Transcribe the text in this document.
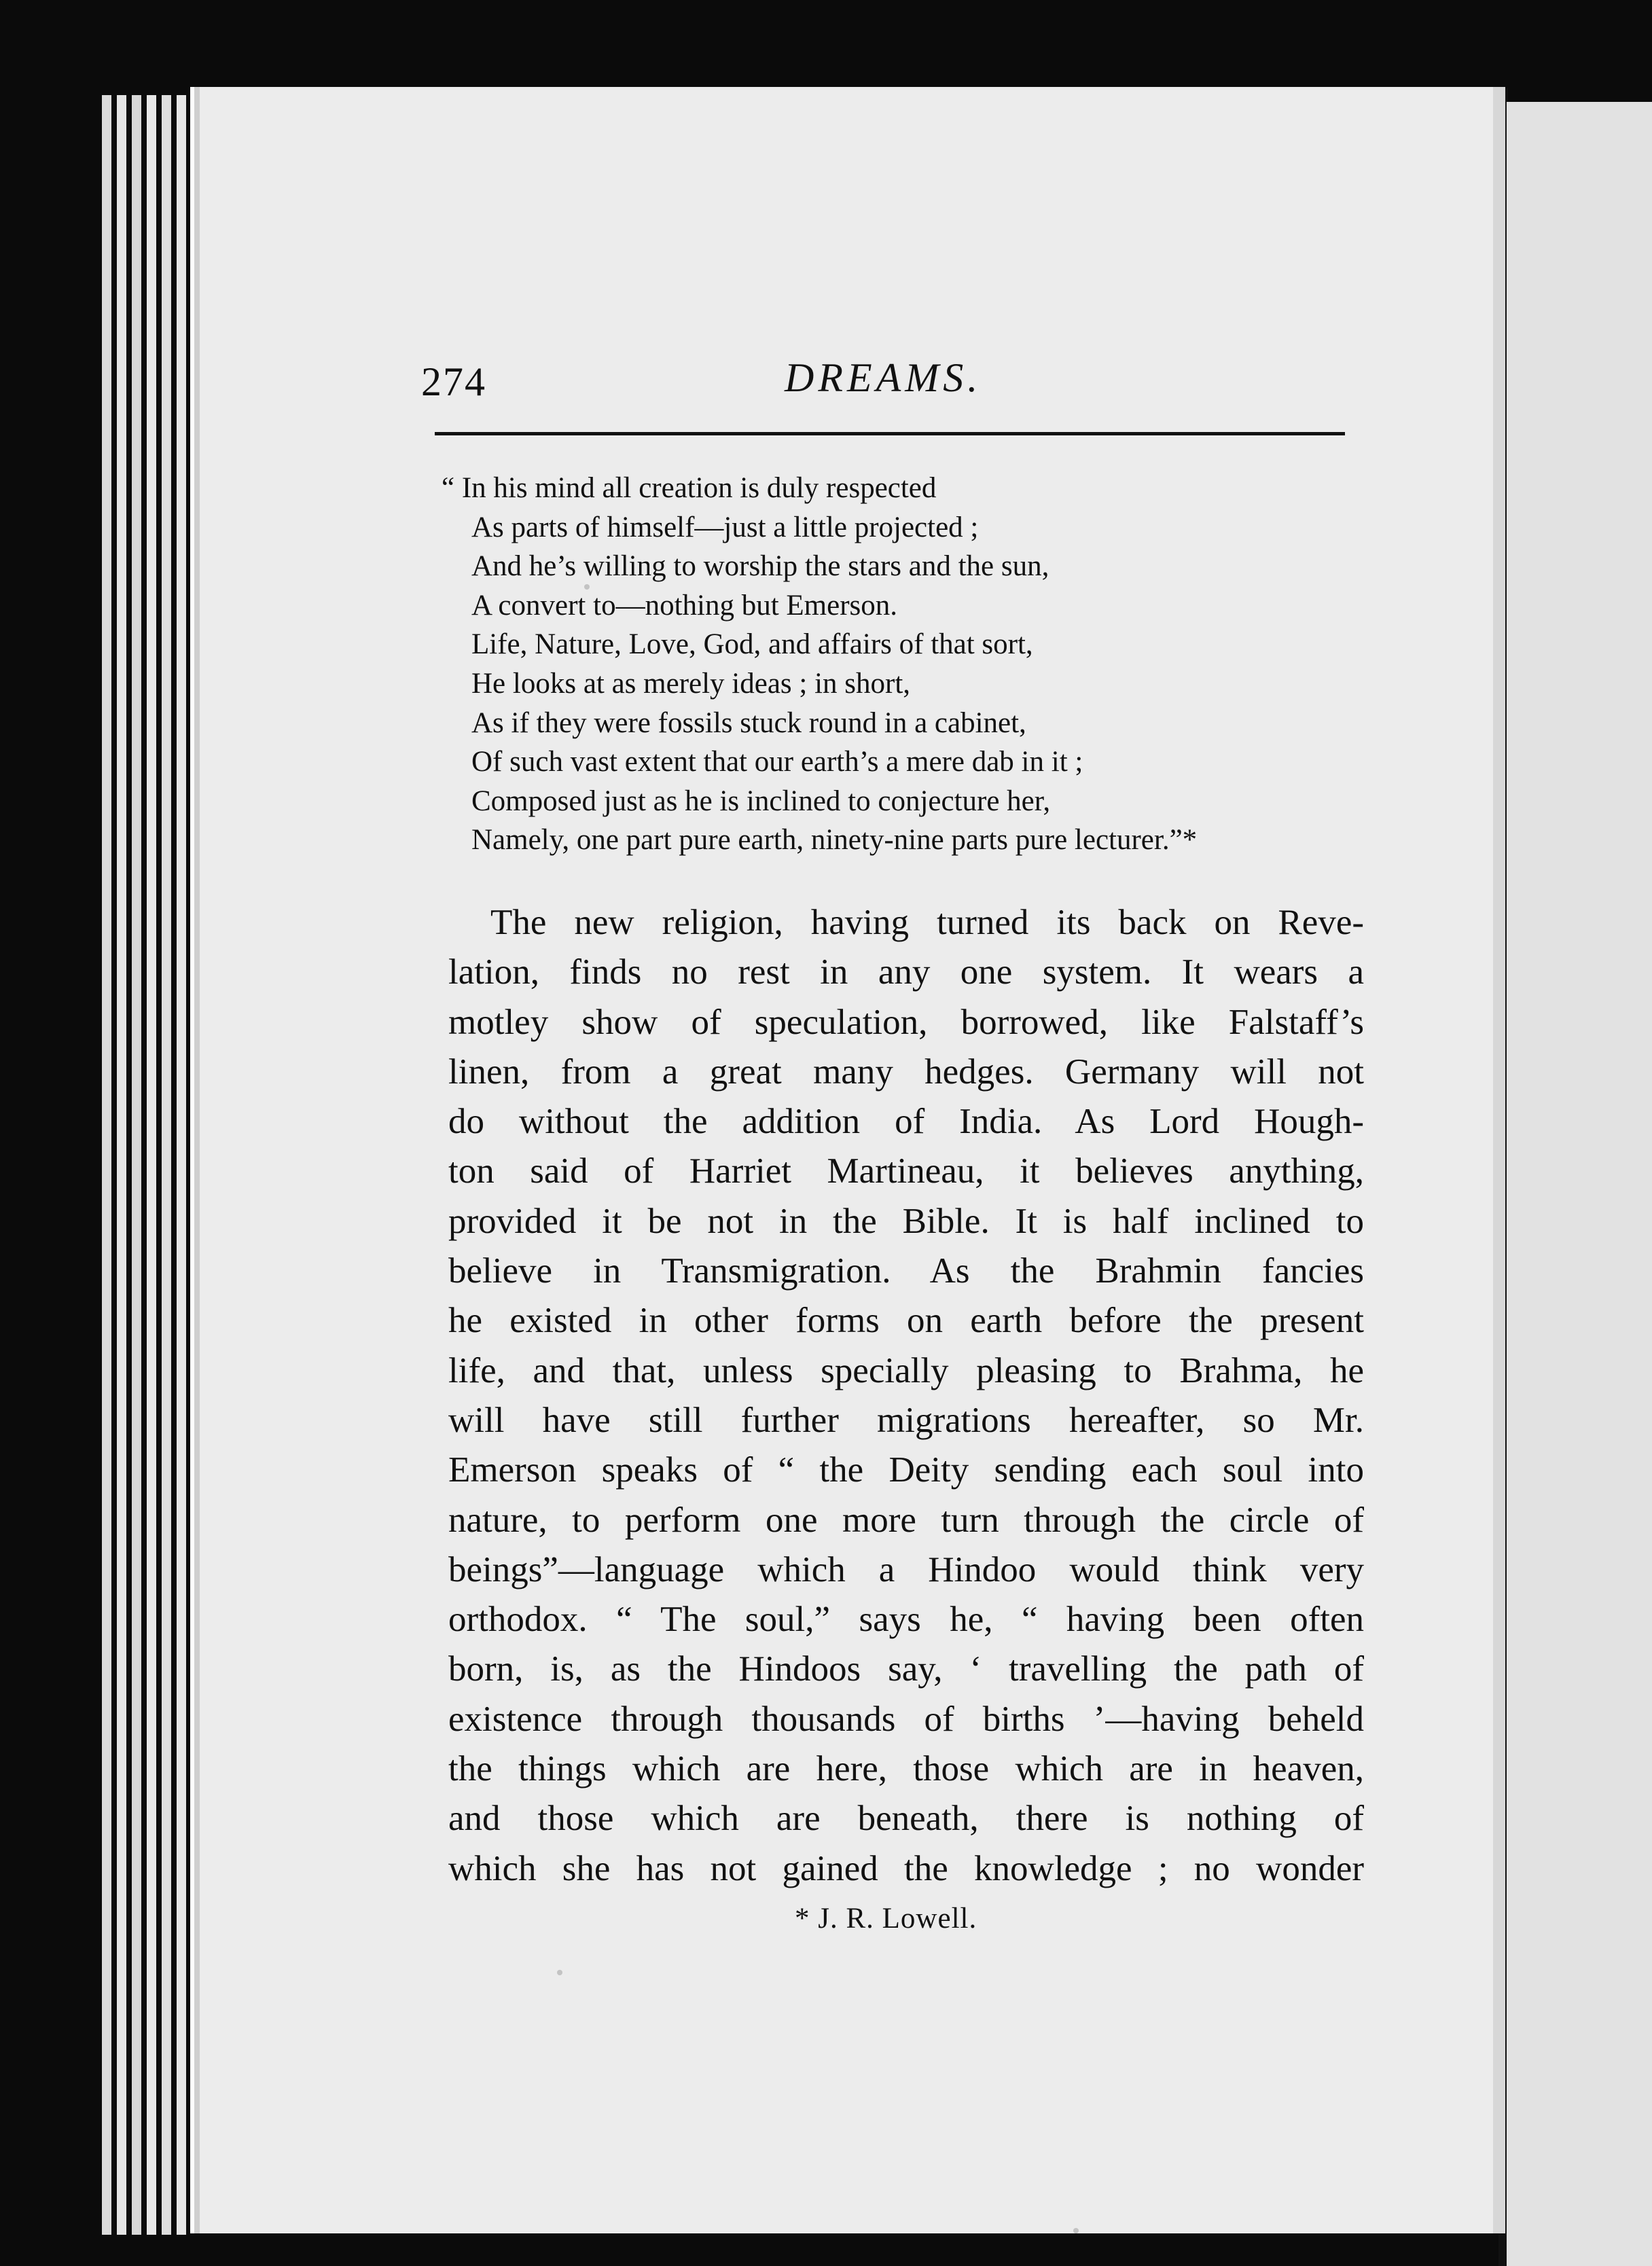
274	DREAMS.
“ In his mind all creation is duly respected
As parts of himself—just a little projected ;
And he’s willing to worship the stars and the sun,
A convert to—nothing but Emerson.
Life, Nature, Love, God, and affairs of that sort,
He looks at as merely ideas ; in short,
As if they were fossils stuck round in a cabinet,
Of such vast extent that our earth’s a mere dab in it ;
Composed just as he is inclined to conjecture her,
Namely, one part pure earth, ninety-nine parts pure lecturer.”*
The new religion, having turned its back on Reve-
lation, finds no rest in any one system. It wears a
motley show of speculation, borrowed, like Falstaff’s
linen, from a great many hedges. Germany will not
do without the addition of India. As Lord Hough-
ton said of Harriet Martineau, it believes anything,
provided it be not in the Bible. It is half inclined to
believe in Transmigration. As the Brahmin fancies
he existed in other forms on earth before the present
life, and that, unless specially pleasing to Brahma, he
will have still further migrations hereafter, so Mr.
Emerson speaks of “ the Deity sending each soul into
nature, to perform one more turn through the circle of
beings”—language which a Hindoo would think very
orthodox. “ The soul,” says he, “ having been often
born, is, as the Hindoos say, ‘ travelling the path of
existence through thousands of births ’—having beheld
the things which are here, those which are in heaven,
and those which are beneath, there is nothing of
which she has not gained the knowledge ; no wonder
* J. R. Lowell.
